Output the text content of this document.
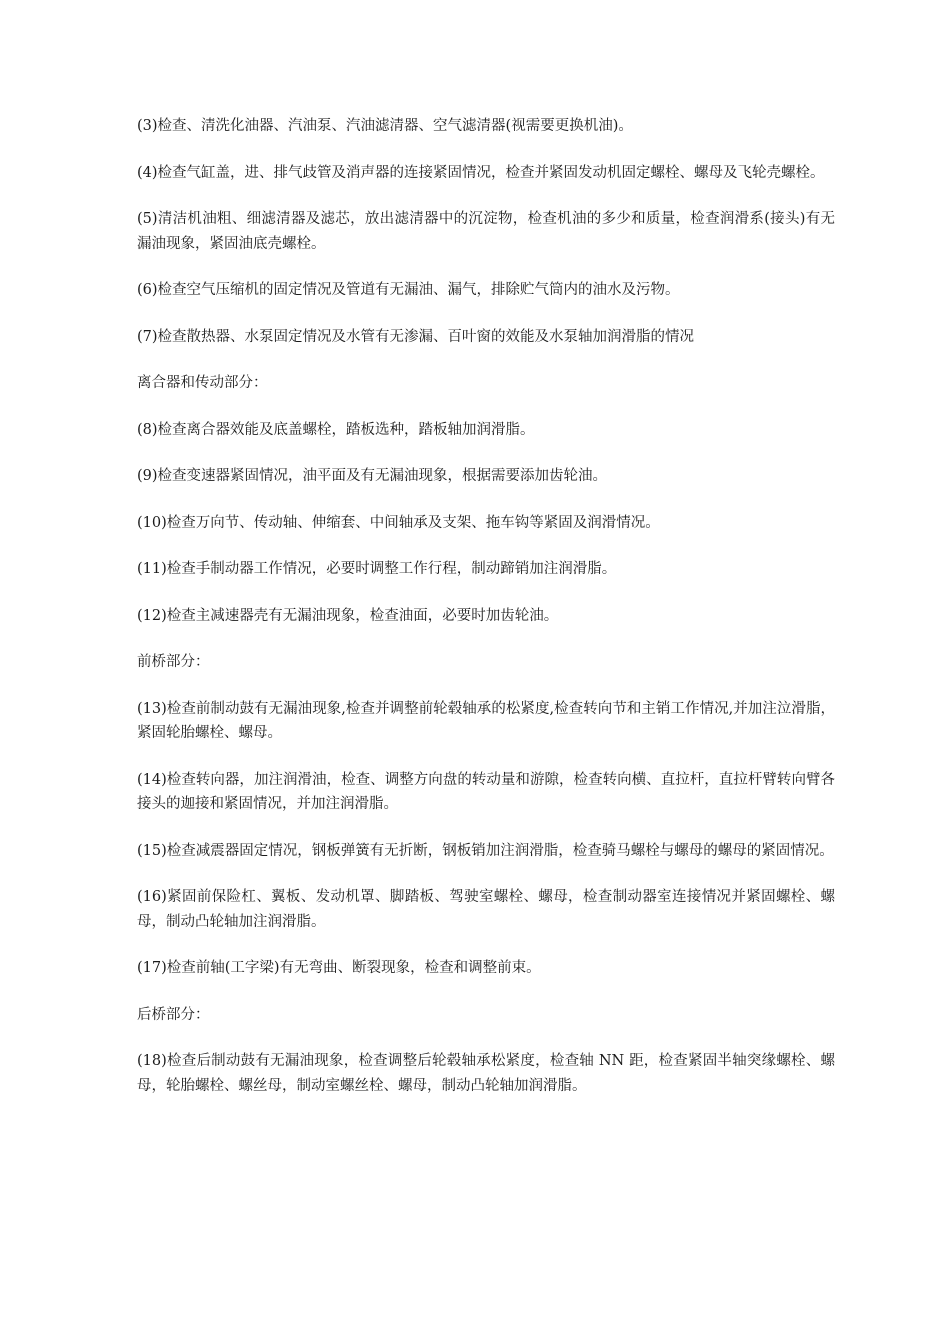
(3)检查、清洗化油器、汽油泵、汽油滤清器、空气滤清器(视需要更换机油)。

(4)检查气缸盖，进、排气歧管及消声器的连接紧固情况，检查并紧固发动机固定螺栓、螺母及飞轮壳螺栓。

(5)清洁机油粗、细滤清器及滤芯，放出滤清器中的沉淀物，检查机油的多少和质量，检查润滑系(接头)有无漏油现象，紧固油底壳螺栓。

(6)检查空气压缩机的固定情况及管道有无漏油、漏气，排除贮气筒内的油水及污物。

(7)检查散热器、水泵固定情况及水管有无渗漏、百叶窗的效能及水泵轴加润滑脂的情况

离合器和传动部分：

(8)检查离合器效能及底盖螺栓，踏板选种，踏板轴加润滑脂。

(9)检查变速器紧固情况，油平面及有无漏油现象，根据需要添加齿轮油。

(10)检查万向节、传动轴、伸缩套、中间轴承及支架、拖车钩等紧固及润滑情况。

(11)检查手制动器工作情况，必要时调整工作行程，制动蹄销加注润滑脂。

(12)检查主减速器壳有无漏油现象，检查油面，必要时加齿轮油。

前桥部分：

(13)检查前制动鼓有无漏油现象,检查并调整前轮毂轴承的松紧度,检查转向节和主销工作情况,并加注泣滑脂，紧固轮胎螺栓、螺母。

(14)检查转向器，加注润滑油，检查、调整方向盘的转动量和游隙，检查转向横、直拉杆，直拉杆臂转向臂各接头的迦接和紧固情况，并加注润滑脂。

(15)检查减震器固定情况，钢板弹簧有无折断，钢板销加注润滑脂，检查骑马螺栓与螺母的螺母的紧固情况。

(16)紧固前保险杠、翼板、发动机罩、脚踏板、驾驶室螺栓、螺母，检查制动器室连接情况并紧固螺栓、螺母，制动凸轮轴加注润滑脂。

(17)检查前轴(工字梁)有无弯曲、断裂现象，检查和调整前束。

后桥部分：

(18)检查后制动鼓有无漏油现象，检查调整后轮毂轴承松紧度，检查轴 NN 距，检查紧固半轴突缘螺栓、螺母，轮胎螺栓、螺丝母，制动室螺丝栓、螺母，制动凸轮轴加润滑脂。
